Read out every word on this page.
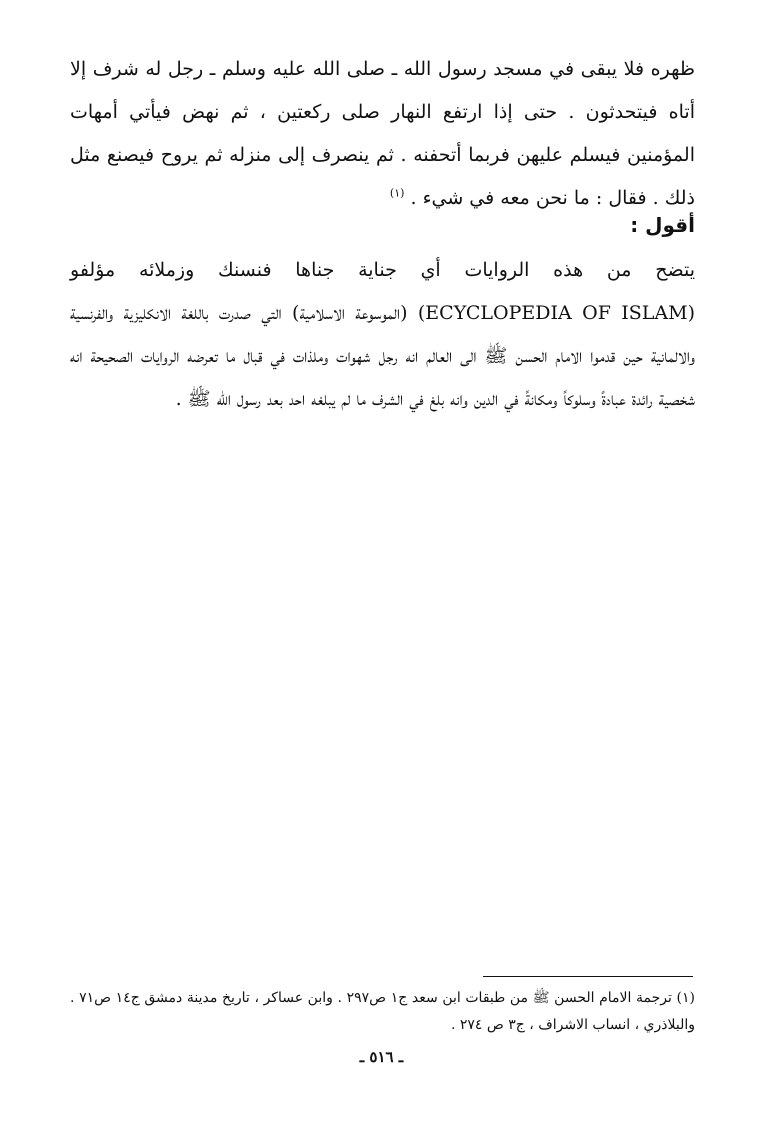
ظهره فلا يبقى في مسجد رسول الله ـ صلى الله عليه وسلم ـ رجل له شرف إلا أتاه فيتحدثون . حتى إذا ارتفع النهار صلى ركعتين ، ثم نهض فيأتي أمهات المؤمنين فيسلم عليهن فربما أتحفنه . ثم ينصرف إلى منزله ثم يروح فيصنع مثل ذلك . فقال : ما نحن معه في شيء . $^{(١)}$

أقول :

يتضح من هذه الروايات أي جناية جناها فنسنك وزملائه مؤلفو (ECYCLOPEDIA OF ISLAM) (الموسوعة الاسلامية) التي صدرت باللغة الانكليزية والفرنسية والالمانية حين قدموا الامام الحسن ﷺ الى العالم انه رجل شهوات وملذات في قبال ما تعرضه الروايات الصحيحة انه شخصية رائدة عبادةً وسلوكاً ومكانةً في الدين وانه بلغ في الشرف ما لم يبلغه احد بعد رسول الله ﷺ .

(١) ترجمة الامام الحسن ﷺ من طبقات ابن سعد ج١ ص٢٩٧ . وابن عساكر ، تاريخ مدينة دمشق ج١٤ ص٧١ . والبلاذري ، انساب الاشراف ، ج٣ ص ٢٧٤ .

ـ ٥١٦ ـ
